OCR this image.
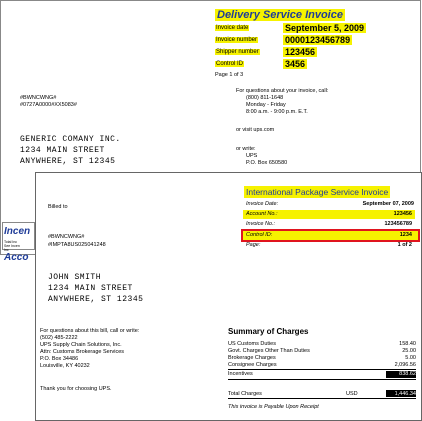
Delivery Service Invoice
Invoice date	September 5, 2009
Invoice number	0000123456789
Shipper number	123456
Control ID	3456
Page 1 of 3
For questions about your invoice, call:
(800) 811-1648
Monday - Friday
8:00 a.m. - 9:00 p.m. E.T.
or visit ups.com
or write:
UPS
P.O. Box 650580
#BWNCWNG#
#0727A0000#XX5083#
GENERIC COMANY INC.
1234 MAIN STREET
ANYWHERE, ST 12345
Incen
Total Inc
See Incen
Inc
Acco
International Package Service Invoice
Invoice Date:	September 07, 2009
Account No.:	123456
Invoice No.:	123456789
Control ID:	1234
Page:	1 of 2
Billed to
#BWNCWNG#
#IMPTA8US025041248
JOHN SMITH
1234 MAIN STREET
ANYWHERE, ST 12345
For questions about this bill, call or write:
(502) 485-2222
UPS Supply Chain Solutions, Inc.
Attn: Customs Brokerage Services
P.O. Box 34486
Louisville, KY 40232
Thank you for choosing UPS.
Summary of Charges
US Customs Duties	158.40
Govt. Charges Other Than Duties	25.00
Brokerage Charges	5.00
Consignee Charges	2,096.56
Incentives	838.62
Total Charges	USD	1,446.34
This invoice is Payable Upon Receipt
